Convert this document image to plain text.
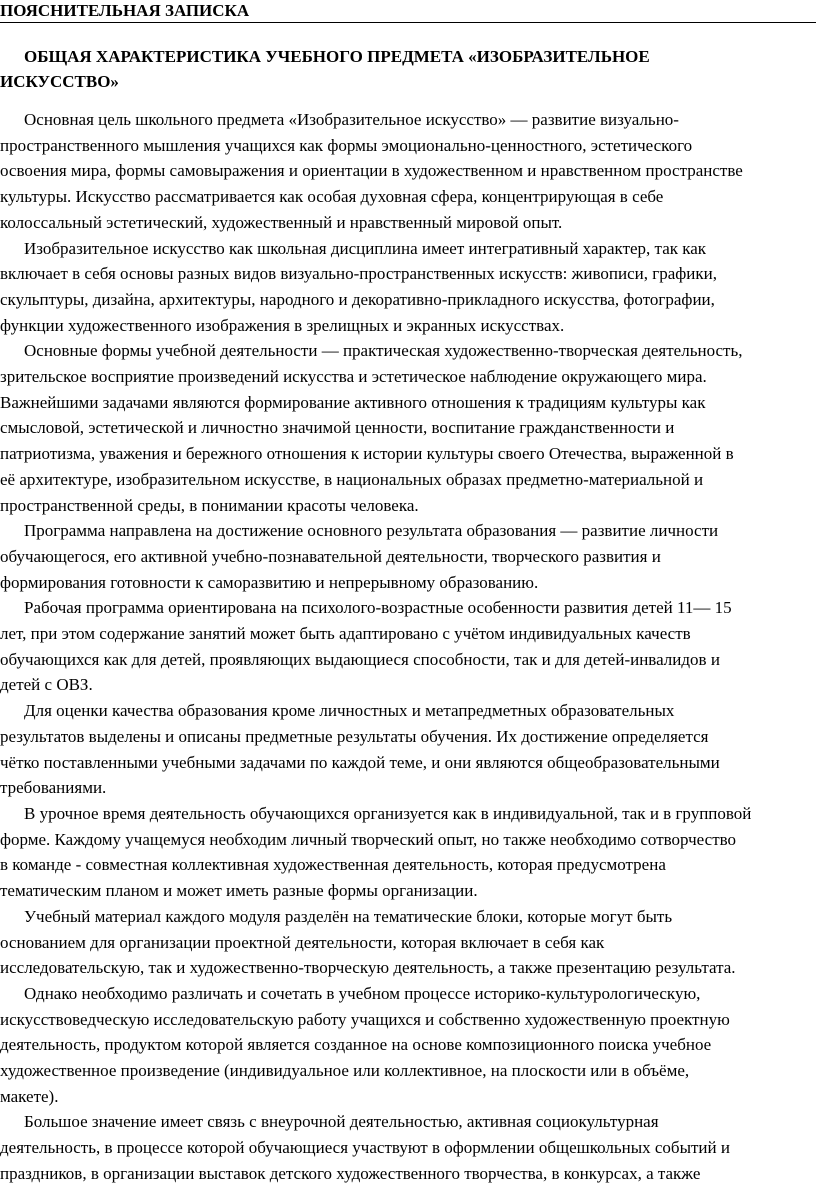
ПОЯСНИТЕЛЬНАЯ ЗАПИСКА
ОБЩАЯ ХАРАКТЕРИСТИКА УЧЕБНОГО ПРЕДМЕТА «ИЗОБРАЗИТЕЛЬНОЕ
ИСКУССТВО»
Основная цель школьного предмета «Изобразительное искусство» — развитие визуально-
пространственного мышления учащихся как формы эмоционально-ценностного, эстетического
освоения мира, формы самовыражения и ориентации в художественном и нравственном пространстве
культуры. Искусство рассматривается как особая духовная сфера, концентрирующая в себе
колоссальный эстетический, художественный и нравственный мировой опыт.
Изобразительное искусство как школьная дисциплина имеет интегративный характер, так как
включает в себя основы разных видов визуально-пространственных искусств: живописи, графики,
скульптуры, дизайна, архитектуры, народного и декоративно-прикладного искусства, фотографии,
функции художественного изображения в зрелищных и экранных искусствах.
Основные формы учебной деятельности — практическая художественно-творческая деятельность,
зрительское восприятие произведений искусства и эстетическое наблюдение окружающего мира.
Важнейшими задачами являются формирование активного отношения к традициям культуры как
смысловой, эстетической и личностно значимой ценности, воспитание гражданственности и
патриотизма, уважения и бережного отношения к истории культуры своего Отечества, выраженной в
её архитектуре, изобразительном искусстве, в национальных образах предметно-материальной и
пространственной среды, в понимании красоты человека.
Программа направлена на достижение основного результата образования — развитие личности
обучающегося, его активной учебно-познавательной деятельности, творческого развития и
формирования готовности к саморазвитию и непрерывному образованию.
Рабочая программа ориентирована на психолого-возрастные особенности развития детей 11— 15
лет, при этом содержание занятий может быть адаптировано с учётом индивидуальных качеств
обучающихся как для детей, проявляющих выдающиеся способности, так и для детей-инвалидов и
детей с ОВЗ.
Для оценки качества образования кроме личностных и метапредметных образовательных
результатов выделены и описаны предметные результаты обучения. Их достижение определяется
чётко поставленными учебными задачами по каждой теме, и они являются общеобразовательными
требованиями.
В урочное время деятельность обучающихся организуется как в индивидуальной, так и в групповой
форме. Каждому учащемуся необходим личный творческий опыт, но также необходимо сотворчество
в команде - совместная коллективная художественная деятельность, которая предусмотрена
тематическим планом и может иметь разные формы организации.
Учебный материал каждого модуля разделён на тематические блоки, которые могут быть
основанием для организации проектной деятельности, которая включает в себя как
исследовательскую, так и художественно-творческую деятельность, а также презентацию результата.
Однако необходимо различать и сочетать в учебном процессе историко-культурологическую,
искусствоведческую исследовательскую работу учащихся и собственно художественную проектную
деятельность, продуктом которой является созданное на основе композиционного поиска учебное
художественное произведение (индивидуальное или коллективное, на плоскости или в объёме,
макете).
Большое значение имеет связь с внеурочной деятельностью, активная социокультурная
деятельность, в процессе которой обучающиеся участвуют в оформлении общешкольных событий и
праздников, в организации выставок детского художественного творчества, в конкурсах, а также
